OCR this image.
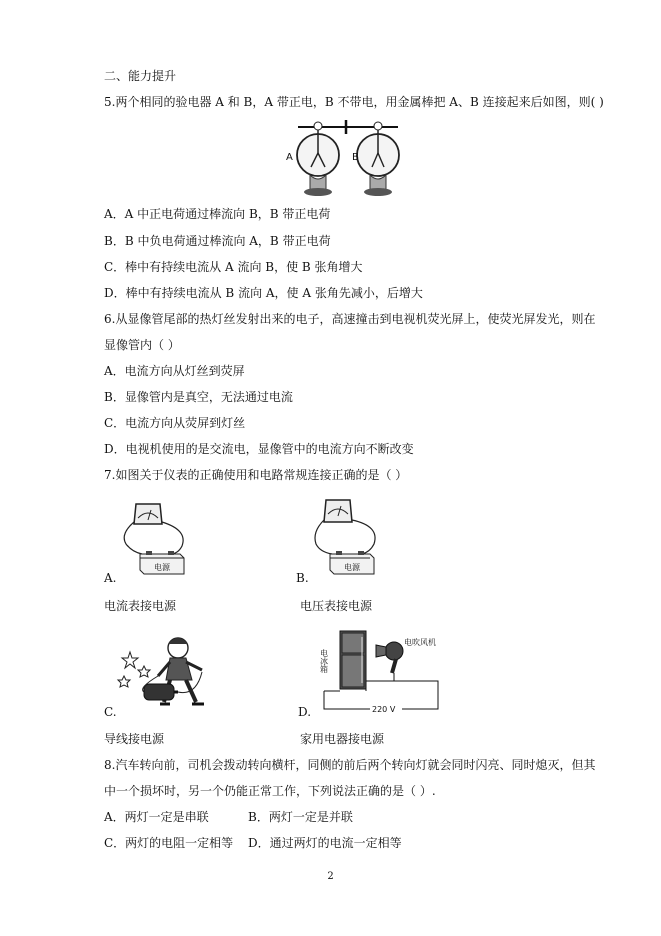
二、能力提升
5.两个相同的验电器 A 和 B，A 带正电，B 不带电，用金属棒把 A、B 连接起来后如图，则( )
A	B
A．A 中正电荷通过棒流向 B，B 带正电荷
B．B 中负电荷通过棒流向 A，B 带正电荷
C．棒中有持续电流从 A 流向 B，使 B 张角增大
D．棒中有持续电流从 B 流向 A，使 A 张角先减小，后增大
6.从显像管尾部的热灯丝发射出来的电子，高速撞击到电视机荧光屏上，使荧光屏发光，则在
显像管内（ ）
A．电流方向从灯丝到荧屏
B．显像管内是真空，无法通过电流
C．电流方向从荧屏到灯丝
D．电视机使用的是交流电，显像管中的电流方向不断改变
7.如图关于仪表的正确使用和电路常规连接正确的是（ ）
电源
A.
电流表接电源
电源
B.
电压表接电源
C.
导线接电源
电冰箱
电吹风机
220 V
D.
家用电器接电源
8.汽车转向前，司机会拨动转向横杆，同侧的前后两个转向灯就会同时闪亮、同时熄灭，但其
中一个损坏时，另一个仍能正常工作，下列说法正确的是（ ）.
A．两灯一定是串联	B．两灯一定是并联
C．两灯的电阻一定相等 D．通过两灯的电流一定相等
2
